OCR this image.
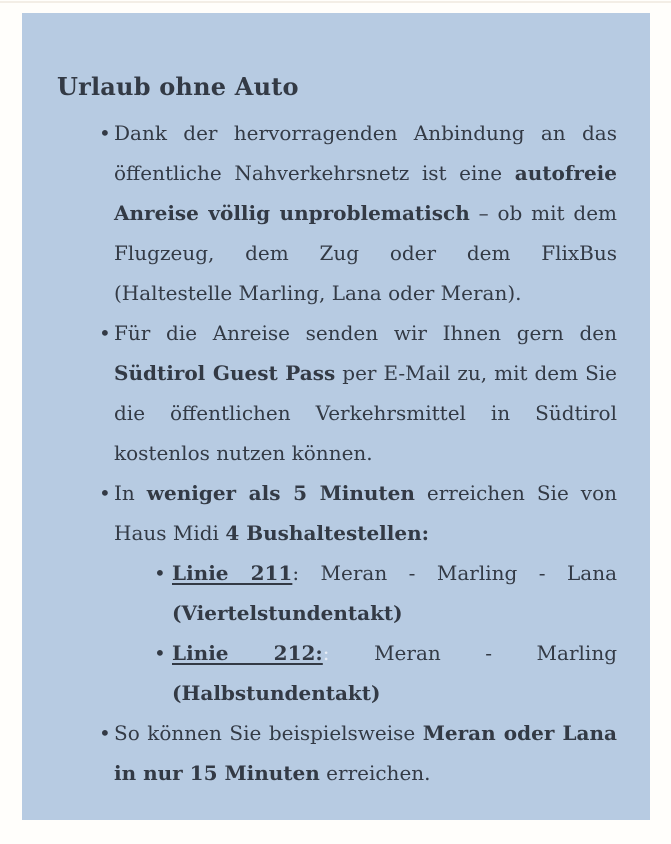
Urlaub ohne Auto
• Dank der hervorragenden Anbindung an das öffentliche Nahverkehrsnetz ist eine autofreie Anreise völlig unproblematisch – ob mit dem Flugzeug, dem Zug oder dem FlixBus (Haltestelle Marling, Lana oder Meran).
• Für die Anreise senden wir Ihnen gern den Südtirol Guest Pass per E-Mail zu, mit dem Sie die öffentlichen Verkehrsmittel in Südtirol kostenlos nutzen können.
• In weniger als 5 Minuten erreichen Sie von Haus Midi 4 Bushaltestellen:
• Linie 211: Meran - Marling - Lana (Viertelstundentakt)
• Linie 212:: Meran - Marling (Halbstundentakt)
• So können Sie beispielsweise Meran oder Lana in nur 15 Minuten erreichen.
